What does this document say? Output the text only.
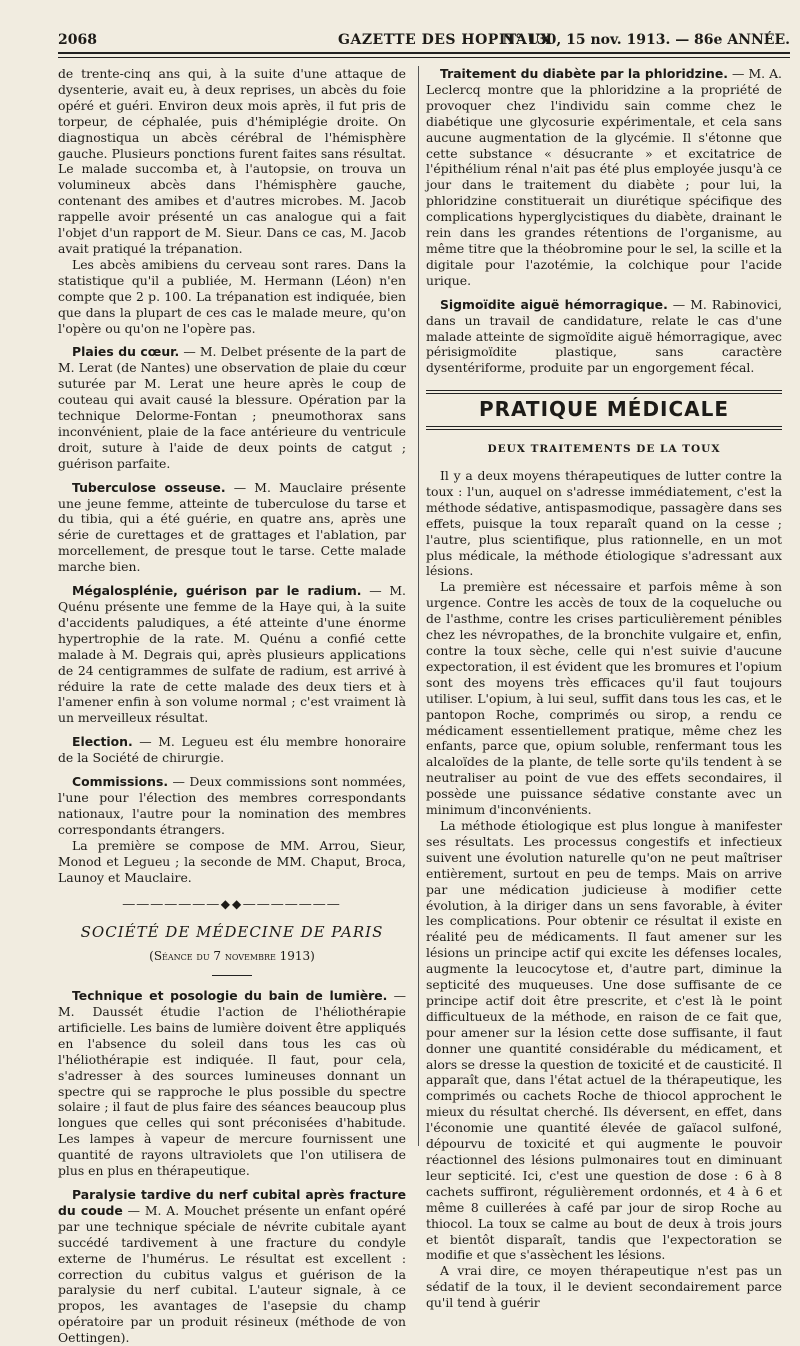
2068	GAZETTE DES HOPITAUX
N° 130, 15 nov. 1913. — 86e ANNÉE.

de trente-cinq ans qui, à la suite d'une attaque de dysenterie, avait eu, à deux reprises, un abcès du foie opéré et guéri. Environ deux mois après, il fut pris de torpeur, de céphalée, puis d'hémiplégie droite. On diagnostiqua un abcès cérébral de l'hémisphère gauche. Plusieurs ponctions furent faites sans résultat. Le malade succomba et, à l'autopsie, on trouva un volumineux abcès dans l'hémisphère gauche, contenant des amibes et d'autres microbes. M. Jacob rappelle avoir présenté un cas analogue qui a fait l'objet d'un rapport de M. Sieur. Dans ce cas, M. Jacob avait pratiqué la trépanation.

Les abcès amibiens du cerveau sont rares. Dans la statistique qu'il a publiée, M. Hermann (Léon) n'en compte que 2 p. 100. La trépanation est indiquée, bien que dans la plupart de ces cas le malade meure, qu'on l'opère ou qu'on ne l'opère pas.

Plaies du cœur. — M. Delbet présente de la part de M. Lerat (de Nantes) une observation de plaie du cœur suturée par M. Lerat une heure après le coup de couteau qui avait causé la blessure. Opération par la technique Delorme-Fontan ; pneumothorax sans inconvénient, plaie de la face antérieure du ventricule droit, suture à l'aide de deux points de catgut ; guérison parfaite.

Tuberculose osseuse. — M. Mauclaire présente une jeune femme, atteinte de tuberculose du tarse et du tibia, qui a été guérie, en quatre ans, après une série de curettages et de grattages et l'ablation, par morcellement, de presque tout le tarse. Cette malade marche bien.

Mégalosplénie, guérison par le radium. — M. Quénu présente une femme de la Haye qui, à la suite d'accidents paludiques, a été atteinte d'une énorme hypertrophie de la rate. M. Quénu a confié cette malade à M. Degrais qui, après plusieurs applications de 24 centigrammes de sulfate de radium, est arrivé à réduire la rate de cette malade des deux tiers et à l'amener enfin à son volume normal ; c'est vraiment là un merveilleux résultat.

Election. — M. Legueu est élu membre honoraire de la Société de chirurgie.

Commissions. — Deux commissions sont nommées, l'une pour l'élection des membres correspondants nationaux, l'autre pour la nomination des membres correspondants étrangers.

La première se compose de MM. Arrou, Sieur, Monod et Legueu ; la seconde de MM. Chaput, Broca, Launoy et Mauclaire.

―――――――◆◆―――――――
SOCIÉTÉ DE MÉDECINE DE PARIS
(Séance du 7 novembre 1913)

Technique et posologie du bain de lumière. — M. Daussét étudie l'action de l'héliothérapie artificielle. Les bains de lumière doivent être appliqués en l'absence du soleil dans tous les cas où l'héliothérapie est indiquée. Il faut, pour cela, s'adresser à des sources lumineuses donnant un spectre qui se rapproche le plus possible du spectre solaire ; il faut de plus faire des séances beaucoup plus longues que celles qui sont préconisées d'habitude. Les lampes à vapeur de mercure fournissent une quantité de rayons ultraviolets que l'on utilisera de plus en plus en thérapeutique.

Paralysie tardive du nerf cubital après fracture du coude — M. A. Mouchet présente un enfant opéré par une technique spéciale de névrite cubitale ayant succédé tardivement à une fracture du condyle externe de l'humérus. Le résultat est excellent : correction du cubitus valgus et guérison de la paralysie du nerf cubital. L'auteur signale, à ce propos, les avantages de l'asepsie du champ opératoire par un produit résineux (méthode de von Oettingen).

Traitement du diabète par la phloridzine. — M. A. Leclercq montre que la phloridzine a la propriété de provoquer chez l'individu sain comme chez le diabétique une glycosurie expérimentale, et cela sans aucune augmentation de la glycémie. Il s'étonne que cette substance « désucrante » et excitatrice de l'épithélium rénal n'ait pas été plus employée jusqu'à ce jour dans le traitement du diabète ; pour lui, la phloridzine constituerait un diurétique spécifique des complications hyperglycistiques du diabète, drainant le rein dans les grandes rétentions de l'organisme, au même titre que la théobromine pour le sel, la scille et la digitale pour l'azotémie, la colchique pour l'acide urique.

Sigmoïdite aiguë hémorragique. — M. Rabinovici, dans un travail de candidature, relate le cas d'une malade atteinte de sigmoïdite aiguë hémorragique, avec périsigmoïdite plastique, sans caractère dysentériforme, produite par un engorgement fécal.

PRATIQUE MÉDICALE
DEUX TRAITEMENTS DE LA TOUX

Il y a deux moyens thérapeutiques de lutter contre la toux : l'un, auquel on s'adresse immédiatement, c'est la méthode sédative, antispasmodique, passagère dans ses effets, puisque la toux reparaît quand on la cesse ; l'autre, plus scientifique, plus rationnelle, en un mot plus médicale, la méthode étiologique s'adressant aux lésions.

La première est nécessaire et parfois même à son urgence. Contre les accès de toux de la coqueluche ou de l'asthme, contre les crises particulièrement pénibles chez les névropathes, de la bronchite vulgaire et, enfin, contre la toux sèche, celle qui n'est suivie d'aucune expectoration, il est évident que les bromures et l'opium sont des moyens très efficaces qu'il faut toujours utiliser. L'opium, à lui seul, suffit dans tous les cas, et le pantopon Roche, comprimés ou sirop, a rendu ce médicament essentiellement pratique, même chez les enfants, parce que, opium soluble, renfermant tous les alcaloïdes de la plante, de telle sorte qu'ils tendent à se neutraliser au point de vue des effets secondaires, il possède une puissance sédative constante avec un minimum d'inconvénients.

La méthode étiologique est plus longue à manifester ses résultats. Les processus congestifs et infectieux suivent une évolution naturelle qu'on ne peut maîtriser entièrement, surtout en peu de temps. Mais on arrive par une médication judicieuse à modifier cette évolution, à la diriger dans un sens favorable, à éviter les complications. Pour obtenir ce résultat il existe en réalité peu de médicaments. Il faut amener sur les lésions un principe actif qui excite les défenses locales, augmente la leucocytose et, d'autre part, diminue la septicité des muqueuses. Une dose suffisante de ce principe actif doit être prescrite, et c'est là le point difficultueux de la méthode, en raison de ce fait que, pour amener sur la lésion cette dose suffisante, il faut donner une quantité considérable du médicament, et alors se dresse la question de toxicité et de causticité. Il apparaît que, dans l'état actuel de la thérapeutique, les comprimés ou cachets Roche de thiocol approchent le mieux du résultat cherché. Ils déversent, en effet, dans l'économie une quantité élevée de gaïacol sulfoné, dépourvu de toxicité et qui augmente le pouvoir réactionnel des lésions pulmonaires tout en diminuant leur septicité. Ici, c'est une question de dose : 6 à 8 cachets suffiront, régulièrement ordonnés, et 4 à 6 et même 8 cuillerées à café par jour de sirop Roche au thiocol. La toux se calme au bout de deux à trois jours et bientôt disparaît, tandis que l'expectoration se modifie et que s'assèchent les lésions.

A vrai dire, ce moyen thérapeutique n'est pas un sédatif de la toux, il le devient secondairement parce qu'il tend à guérir
